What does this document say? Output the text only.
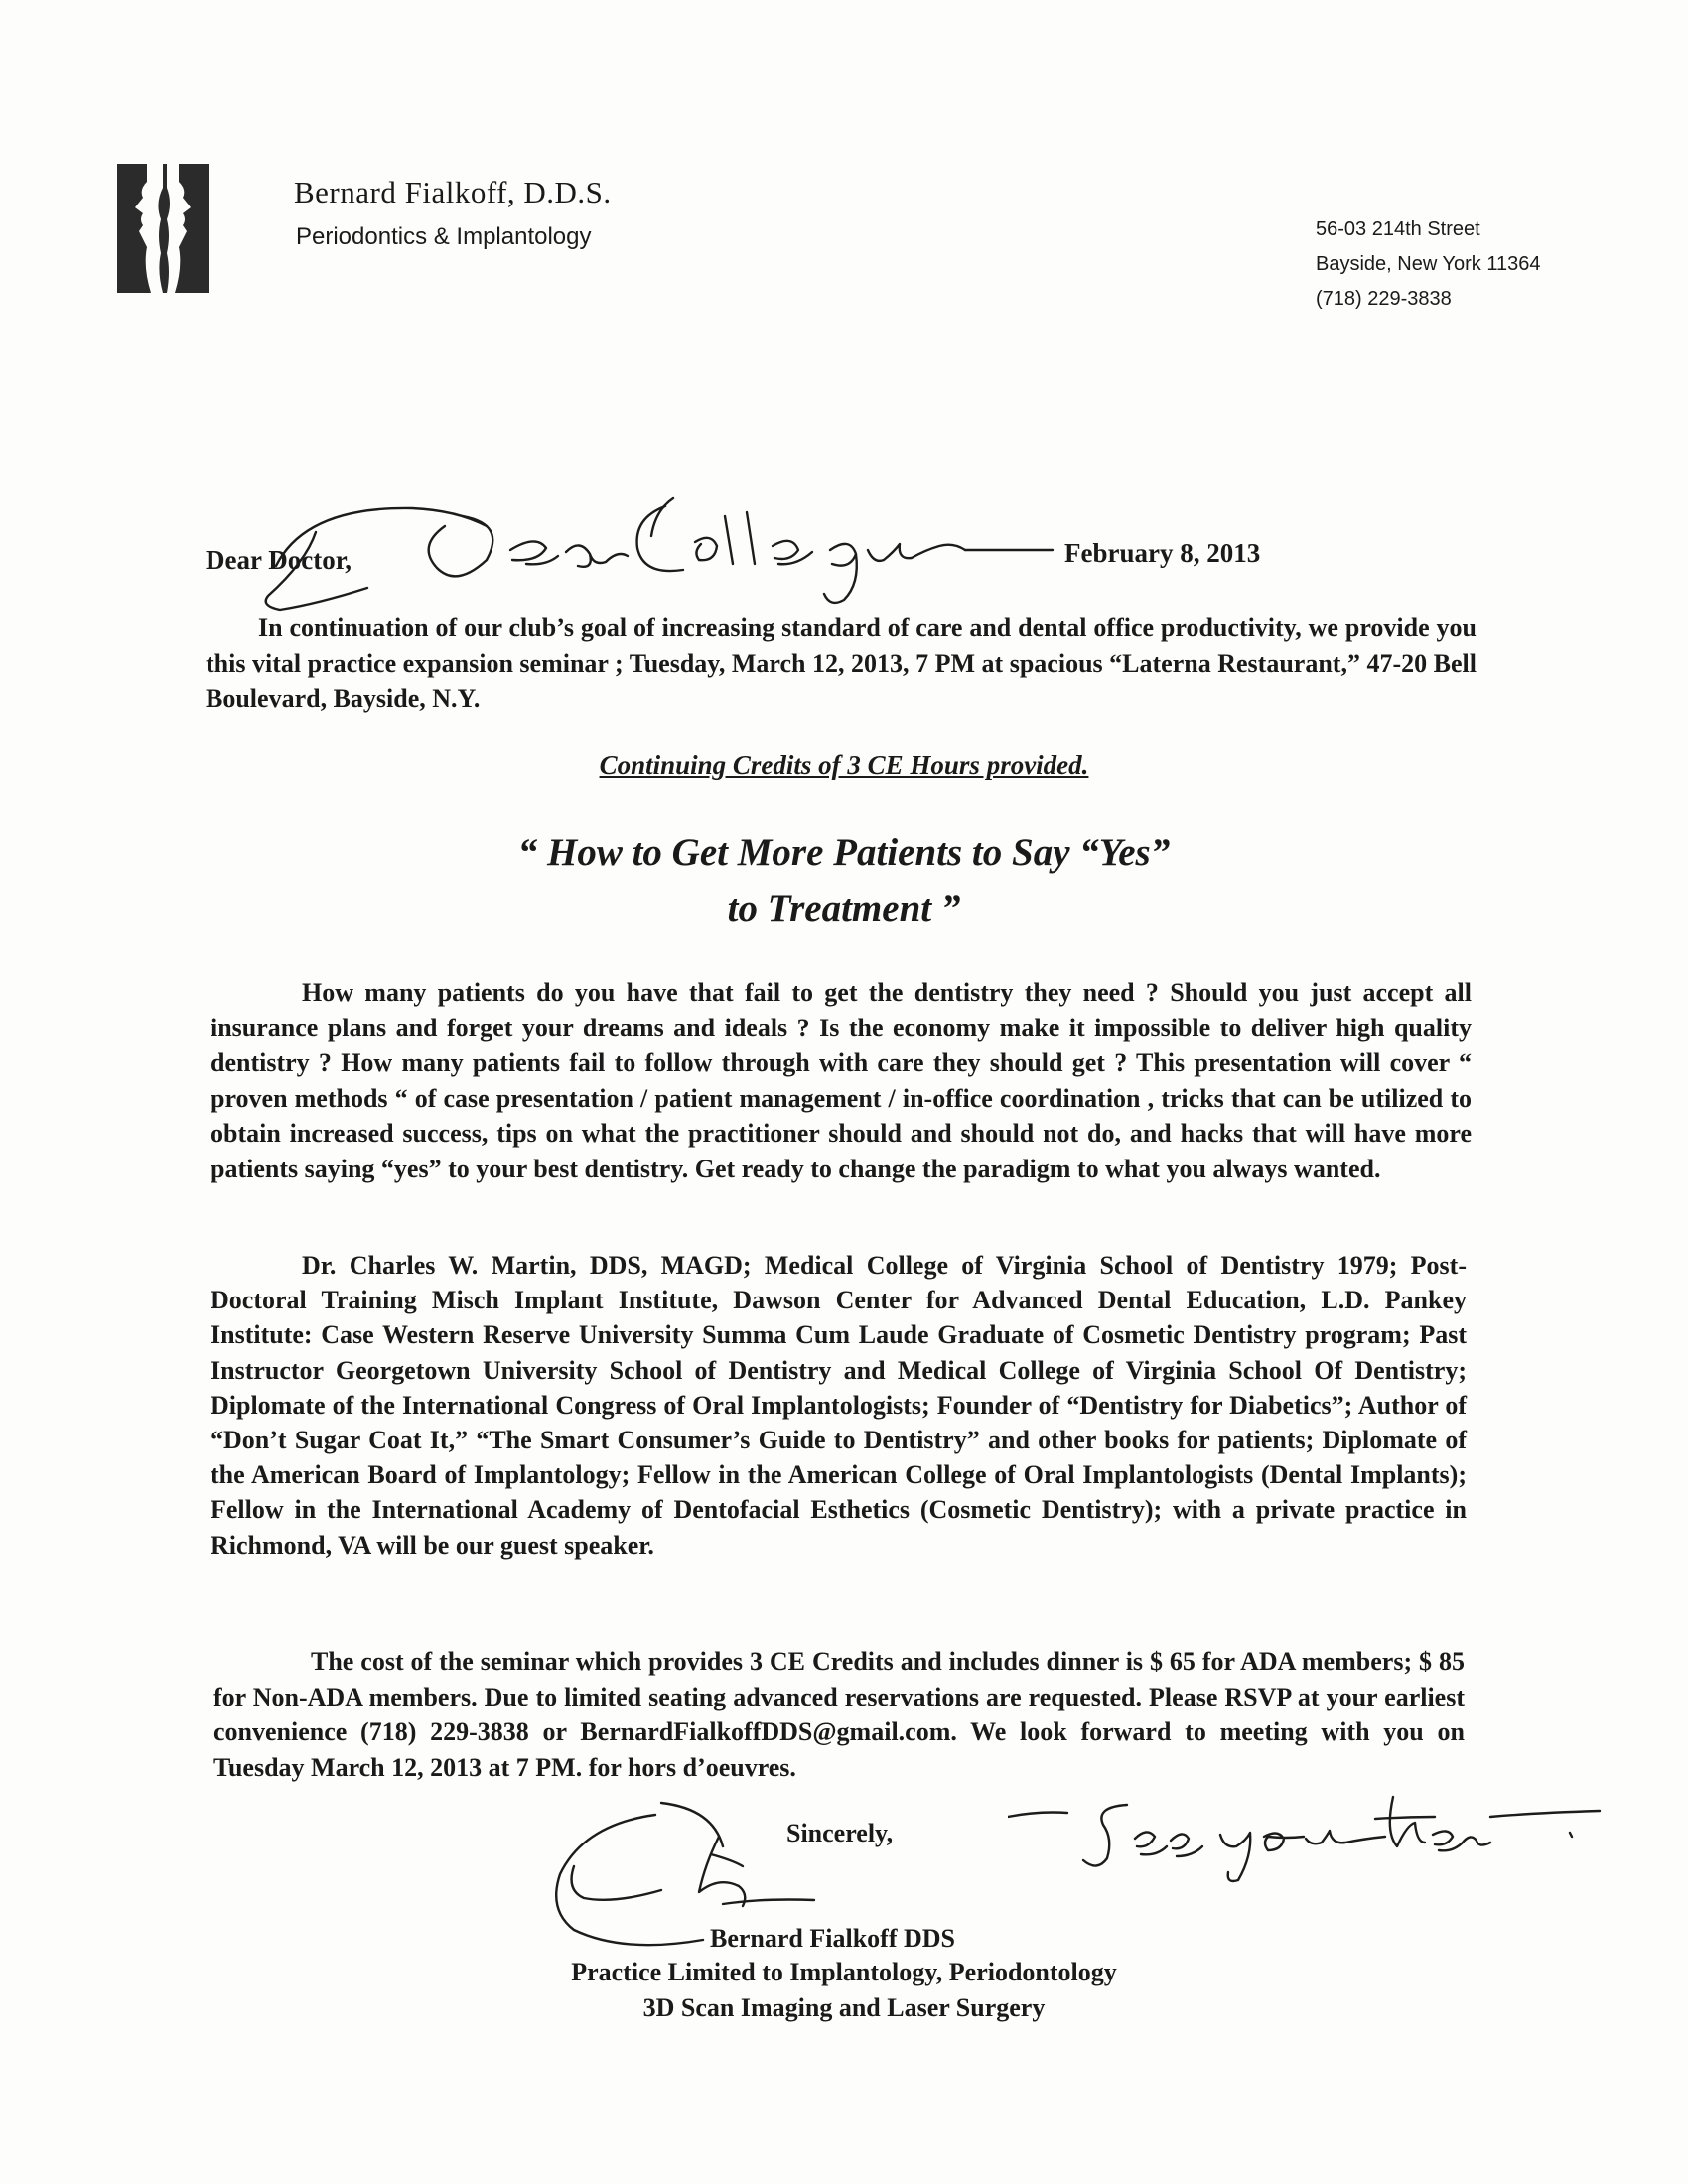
Bernard Fialkoff, D.D.S.
Periodontics & Implantology	56-03 214th Street
Bayside, New York 11364
(718) 229-3838
Dear Doctor,	February 8, 2013
In continuation of our club’s goal of increasing standard of care and dental office productivity, we provide you this vital practice expansion seminar ; Tuesday, March 12, 2013, 7 PM at spacious “Laterna Restaurant,” 47-20 Bell Boulevard, Bayside, N.Y.
Continuing Credits of 3 CE Hours provided.
“ How to Get More Patients to Say “Yes”
to Treatment ”
How many patients do you have that fail to get the dentistry they need ? Should you just accept all insurance plans and forget your dreams and ideals ? Is the economy make it impossible to deliver high quality dentistry ? How many patients fail to follow through with care they should get ? This presentation will cover “ proven methods “ of case presentation / patient management / in-office coordination , tricks that can be utilized to obtain increased success, tips on what the practitioner should and should not do, and hacks that will have more patients saying “yes” to your best dentistry. Get ready to change the paradigm to what you always wanted.
Dr. Charles W. Martin, DDS, MAGD; Medical College of Virginia School of Dentistry 1979; Post-Doctoral Training Misch Implant Institute, Dawson Center for Advanced Dental Education, L.D. Pankey Institute: Case Western Reserve University Summa Cum Laude Graduate of Cosmetic Dentistry program; Past Instructor Georgetown University School of Dentistry and Medical College of Virginia School Of Dentistry; Diplomate of the International Congress of Oral Implantologists; Founder of “Dentistry for Diabetics”; Author of “Don’t Sugar Coat It,” “The Smart Consumer’s Guide to Dentistry” and other books for patients; Diplomate of the American Board of Implantology; Fellow in the American College of Oral Implantologists (Dental Implants); Fellow in the International Academy of Dentofacial Esthetics (Cosmetic Dentistry); with a private practice in Richmond, VA will be our guest speaker.
The cost of the seminar which provides 3 CE Credits and includes dinner is $ 65 for ADA members; $ 85 for Non-ADA members. Due to limited seating advanced reservations are requested. Please RSVP at your earliest convenience (718) 229-3838 or BernardFialkoffDDS@gmail.com. We look forward to meeting with you on Tuesday March 12, 2013 at 7 PM. for hors d’oeuvres.
Sincerely,
Bernard Fialkoff DDS
Practice Limited to Implantology, Periodontology
3D Scan Imaging and Laser Surgery
